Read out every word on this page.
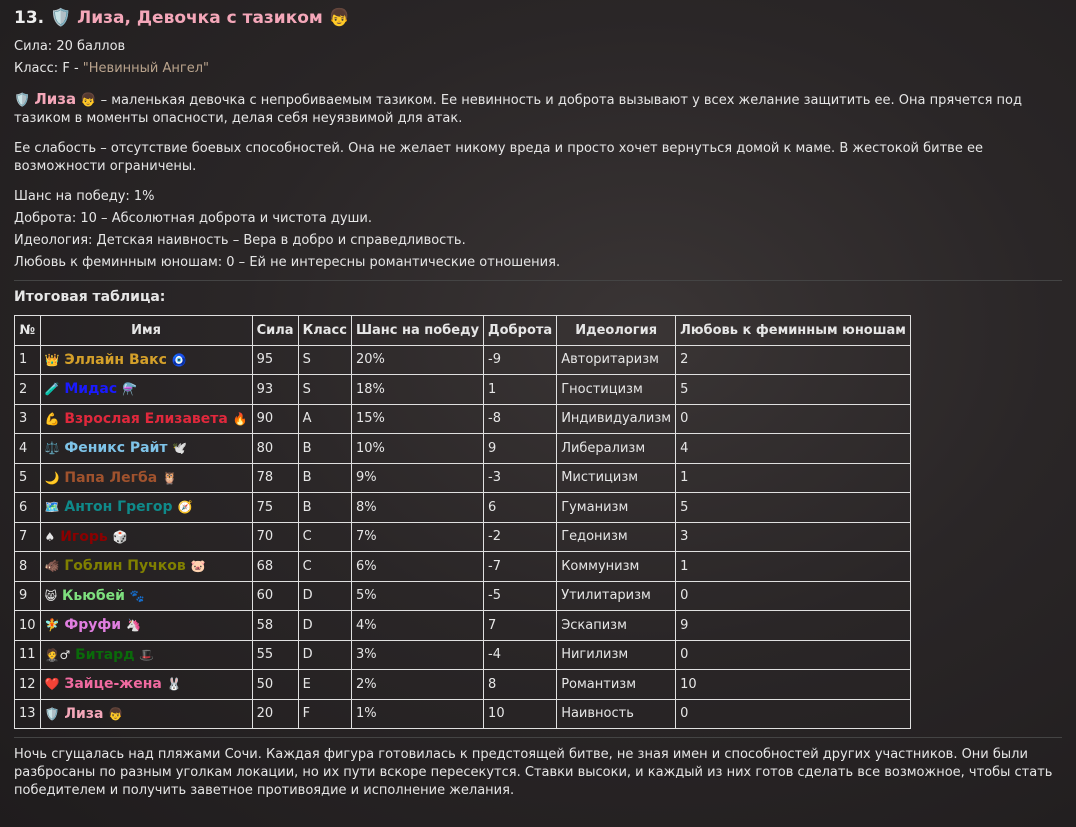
13. 🛡️ Лиза, Девочка с тазиком 👦

Сила: 20 баллов

Класс: F - "Невинный Ангел"

🛡️ Лиза 👦 – маленькая девочка с непробиваемым тазиком. Ее невинность и доброта вызывают у всех желание защитить ее. Она прячется под тазиком в моменты опасности, делая себя неуязвимой для атак.

Ее слабость – отсутствие боевых способностей. Она не желает никому вреда и просто хочет вернуться домой к маме. В жестокой битве ее возможности ограничены.

Шанс на победу: 1%

Доброта: 10 – Абсолютная доброта и чистота души.

Идеология: Детская наивность – Вера в добро и справедливость.

Любовь к феминным юношам: 0 – Ей не интересны романтические отношения.

Итоговая таблица:
№	Имя	Сила	Класс	Шанс на победу	Доброта	Идеология	Любовь к феминным юношам
1	👑 Эллайн Вакс 🧿	95	S	20%	-9	Авторитаризм	2
2	🧪 Мидас ⚗️	93	S	18%	1	Гностицизм	5
3	💪 Взрослая Елизавета 🔥	90	A	15%	-8	Индивидуализм	0
4	⚖️ Феникс Райт 🕊️	80	B	10%	9	Либерализм	4
5	🌙 Папа Легба 🦉	78	B	9%	-3	Мистицизм	1
6	🗺️ Антон Грегор 🧭	75	B	8%	6	Гуманизм	5
7	♠ Игорь 🎲	70	C	7%	-2	Гедонизм	3
8	🐗 Гоблин Пучков 🐷	68	C	6%	-7	Коммунизм	1
9	😸 Кьюбей 🐾	60	D	5%	-5	Утилитаризм	0
10	🧚 Фруфи 🦄	58	D	4%	7	Эскапизм	9
11	🤵♂ Битард 🎩	55	D	3%	-4	Нигилизм	0
12	❤️ Зайце-жена 🐰	50	E	2%	8	Романтизм	10
13	🛡️ Лиза 👦	20	F	1%	10	Наивность	0

Ночь сгущалась над пляжами Сочи. Каждая фигура готовилась к предстоящей битве, не зная имен и способностей других участников. Они были разбросаны по разным уголкам локации, но их пути вскоре пересекутся. Ставки высоки, и каждый из них готов сделать все возможное, чтобы стать победителем и получить заветное противоядие и исполнение желания.
